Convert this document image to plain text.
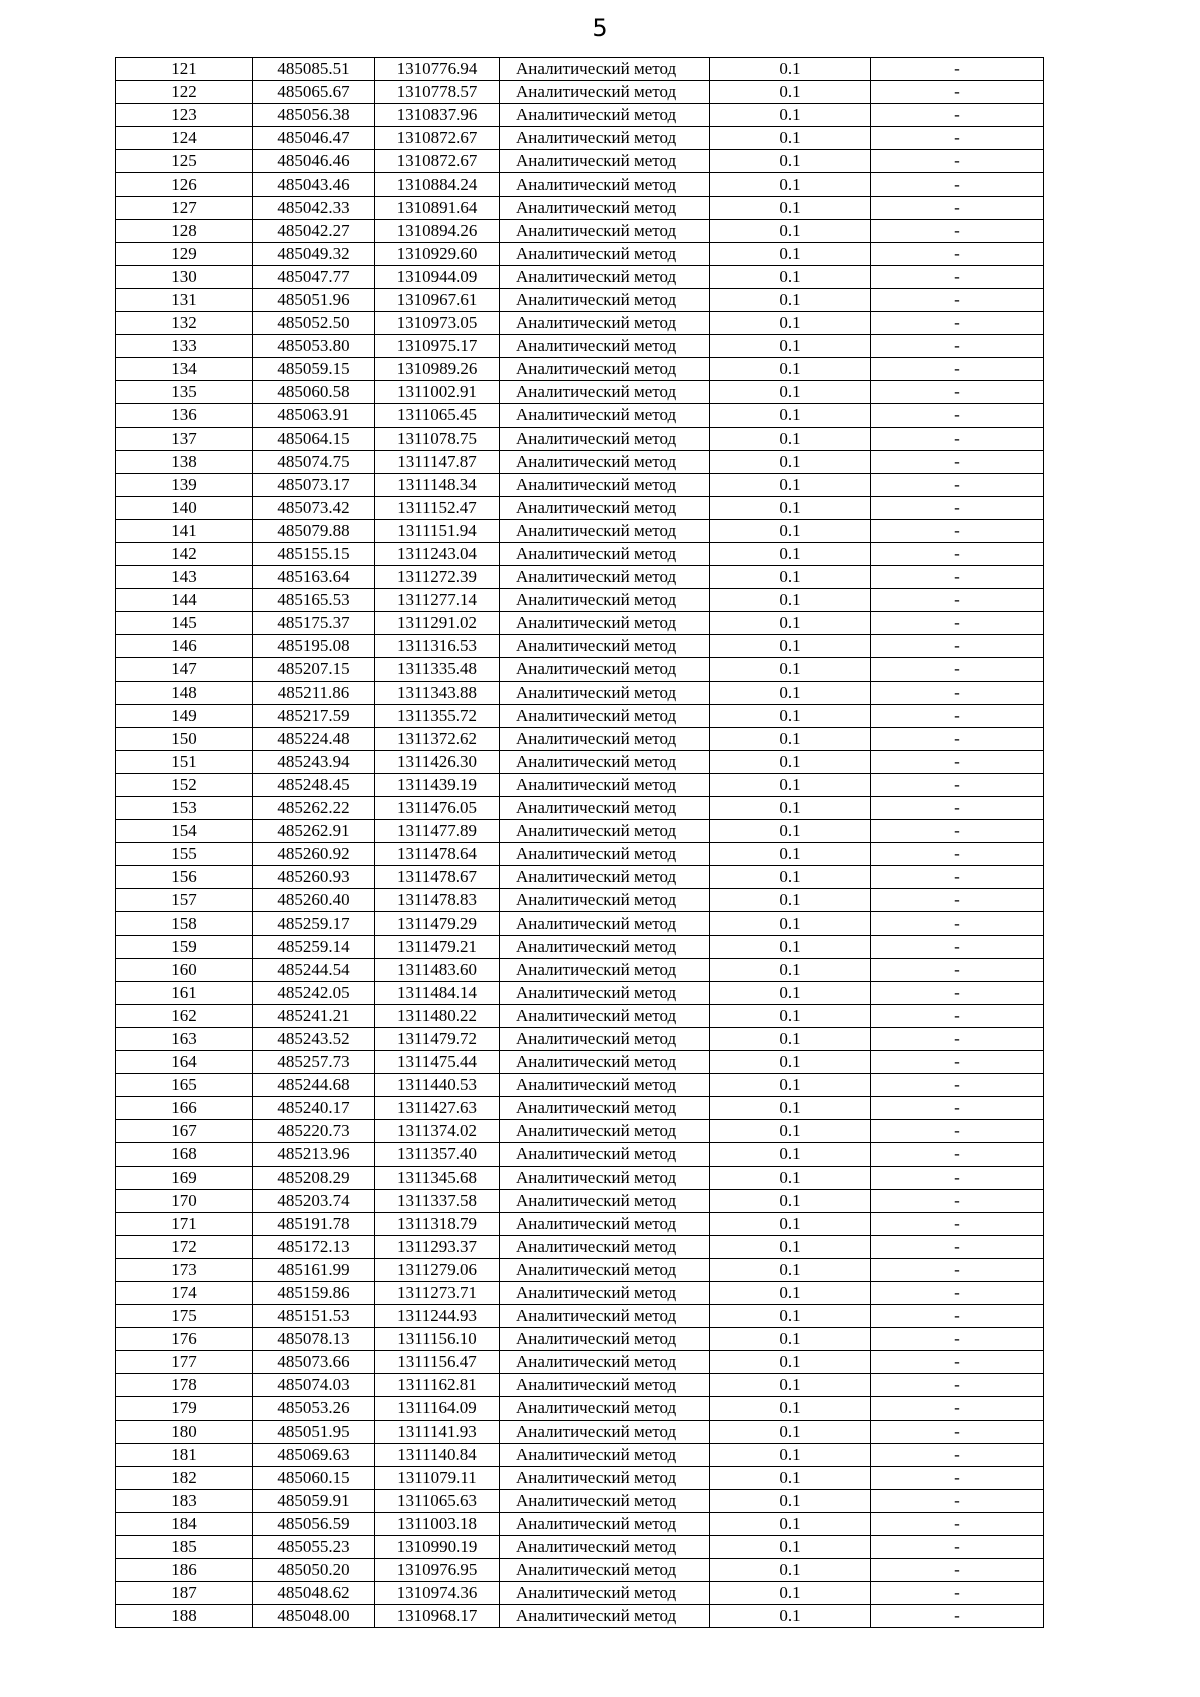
5
121	485085.51	1310776.94	Аналитический метод	0.1	-
122	485065.67	1310778.57	Аналитический метод	0.1	-
123	485056.38	1310837.96	Аналитический метод	0.1	-
124	485046.47	1310872.67	Аналитический метод	0.1	-
125	485046.46	1310872.67	Аналитический метод	0.1	-
126	485043.46	1310884.24	Аналитический метод	0.1	-
127	485042.33	1310891.64	Аналитический метод	0.1	-
128	485042.27	1310894.26	Аналитический метод	0.1	-
129	485049.32	1310929.60	Аналитический метод	0.1	-
130	485047.77	1310944.09	Аналитический метод	0.1	-
131	485051.96	1310967.61	Аналитический метод	0.1	-
132	485052.50	1310973.05	Аналитический метод	0.1	-
133	485053.80	1310975.17	Аналитический метод	0.1	-
134	485059.15	1310989.26	Аналитический метод	0.1	-
135	485060.58	1311002.91	Аналитический метод	0.1	-
136	485063.91	1311065.45	Аналитический метод	0.1	-
137	485064.15	1311078.75	Аналитический метод	0.1	-
138	485074.75	1311147.87	Аналитический метод	0.1	-
139	485073.17	1311148.34	Аналитический метод	0.1	-
140	485073.42	1311152.47	Аналитический метод	0.1	-
141	485079.88	1311151.94	Аналитический метод	0.1	-
142	485155.15	1311243.04	Аналитический метод	0.1	-
143	485163.64	1311272.39	Аналитический метод	0.1	-
144	485165.53	1311277.14	Аналитический метод	0.1	-
145	485175.37	1311291.02	Аналитический метод	0.1	-
146	485195.08	1311316.53	Аналитический метод	0.1	-
147	485207.15	1311335.48	Аналитический метод	0.1	-
148	485211.86	1311343.88	Аналитический метод	0.1	-
149	485217.59	1311355.72	Аналитический метод	0.1	-
150	485224.48	1311372.62	Аналитический метод	0.1	-
151	485243.94	1311426.30	Аналитический метод	0.1	-
152	485248.45	1311439.19	Аналитический метод	0.1	-
153	485262.22	1311476.05	Аналитический метод	0.1	-
154	485262.91	1311477.89	Аналитический метод	0.1	-
155	485260.92	1311478.64	Аналитический метод	0.1	-
156	485260.93	1311478.67	Аналитический метод	0.1	-
157	485260.40	1311478.83	Аналитический метод	0.1	-
158	485259.17	1311479.29	Аналитический метод	0.1	-
159	485259.14	1311479.21	Аналитический метод	0.1	-
160	485244.54	1311483.60	Аналитический метод	0.1	-
161	485242.05	1311484.14	Аналитический метод	0.1	-
162	485241.21	1311480.22	Аналитический метод	0.1	-
163	485243.52	1311479.72	Аналитический метод	0.1	-
164	485257.73	1311475.44	Аналитический метод	0.1	-
165	485244.68	1311440.53	Аналитический метод	0.1	-
166	485240.17	1311427.63	Аналитический метод	0.1	-
167	485220.73	1311374.02	Аналитический метод	0.1	-
168	485213.96	1311357.40	Аналитический метод	0.1	-
169	485208.29	1311345.68	Аналитический метод	0.1	-
170	485203.74	1311337.58	Аналитический метод	0.1	-
171	485191.78	1311318.79	Аналитический метод	0.1	-
172	485172.13	1311293.37	Аналитический метод	0.1	-
173	485161.99	1311279.06	Аналитический метод	0.1	-
174	485159.86	1311273.71	Аналитический метод	0.1	-
175	485151.53	1311244.93	Аналитический метод	0.1	-
176	485078.13	1311156.10	Аналитический метод	0.1	-
177	485073.66	1311156.47	Аналитический метод	0.1	-
178	485074.03	1311162.81	Аналитический метод	0.1	-
179	485053.26	1311164.09	Аналитический метод	0.1	-
180	485051.95	1311141.93	Аналитический метод	0.1	-
181	485069.63	1311140.84	Аналитический метод	0.1	-
182	485060.15	1311079.11	Аналитический метод	0.1	-
183	485059.91	1311065.63	Аналитический метод	0.1	-
184	485056.59	1311003.18	Аналитический метод	0.1	-
185	485055.23	1310990.19	Аналитический метод	0.1	-
186	485050.20	1310976.95	Аналитический метод	0.1	-
187	485048.62	1310974.36	Аналитический метод	0.1	-
188	485048.00	1310968.17	Аналитический метод	0.1	-
